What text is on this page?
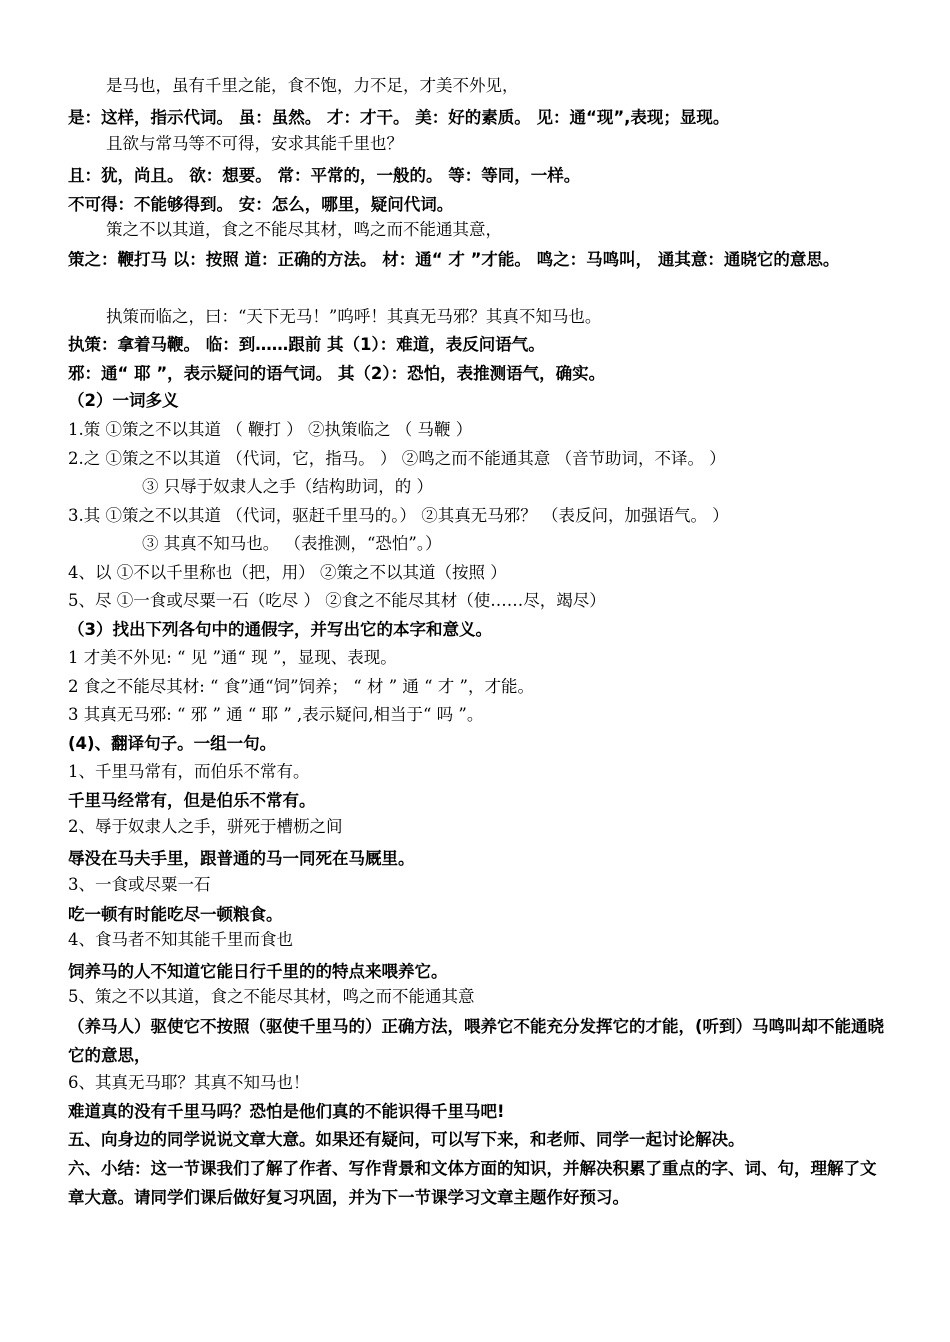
是马也，虽有千里之能，食不饱，力不足，才美不外见，
是：这样，指示代词。 虽：虽然。 才：才干。 美：好的素质。 见：通“现”,表现；显现。
且欲与常马等不可得，安求其能千里也？
且：犹，尚且。 欲：想要。 常：平常的，一般的。 等：等同，一样。
不可得：不能够得到。 安：怎么，哪里，疑问代词。
策之不以其道，食之不能尽其材，鸣之而不能通其意，
策之：鞭打马 以：按照 道：正确的方法。 材：通“ 才 ”才能。 鸣之：马鸣叫， 通其意：通晓它的意思。
执策而临之，曰：“天下无马！”呜呼！其真无马邪？其真不知马也。
执策：拿着马鞭。 临：到……跟前 其（1）：难道，表反问语气。
邪：通“ 耶 ”，表示疑问的语气词。 其（2）：恐怕，表推测语气，确实。
（2）一词多义
1.策 ①策之不以其道 （ 鞭打 ） ②执策临之 （ 马鞭 ）
2.之 ①策之不以其道 （代词，它，指马。 ） ②鸣之而不能通其意 （音节助词，不译。 ）
③ 只辱于奴隶人之手（结构助词，的 ）
3.其 ①策之不以其道 （代词，驱赶千里马的。） ②其真无马邪？ （表反问，加强语气。 ）
③ 其真不知马也。 （表推测，“恐怕”。）
4、以 ①不以千里称也（把，用） ②策之不以其道（按照 ）
5、尽 ①一食或尽粟一石（吃尽 ） ②食之不能尽其材（使……尽，竭尽）
（3）找出下列各句中的通假字，并写出它的本字和意义。
1 才美不外见: “ 见 ”通“ 现 ”，显现、表现。
2 食之不能尽其材: “ 食”通“饲”饲养； “ 材 ” 通 “ 才 ”，才能。
3 其真无马邪: “ 邪 ” 通 “ 耶 ” ,表示疑问,相当于“ 吗 ”。
(4)、翻译句子。一组一句。
1、千里马常有，而伯乐不常有。
千里马经常有，但是伯乐不常有。
2、辱于奴隶人之手，骈死于槽枥之间
辱没在马夫手里，跟普通的马一同死在马厩里。
3、一食或尽粟一石
吃一顿有时能吃尽一顿粮食。
4、食马者不知其能千里而食也
饲养马的人不知道它能日行千里的的特点来喂养它。
5、策之不以其道，食之不能尽其材，鸣之而不能通其意
（养马人）驱使它不按照（驱使千里马的）正确方法，喂养它不能充分发挥它的才能，(听到）马鸣叫却不能通晓它的意思，
6、其真无马耶？其真不知马也！
难道真的没有千里马吗？恐怕是他们真的不能识得千里马吧!
五、向身边的同学说说文章大意。如果还有疑问，可以写下来，和老师、同学一起讨论解决。
六、小结：这一节课我们了解了作者、写作背景和文体方面的知识，并解决积累了重点的字、词、句，理解了文章大意。请同学们课后做好复习巩固，并为下一节课学习文章主题作好预习。
